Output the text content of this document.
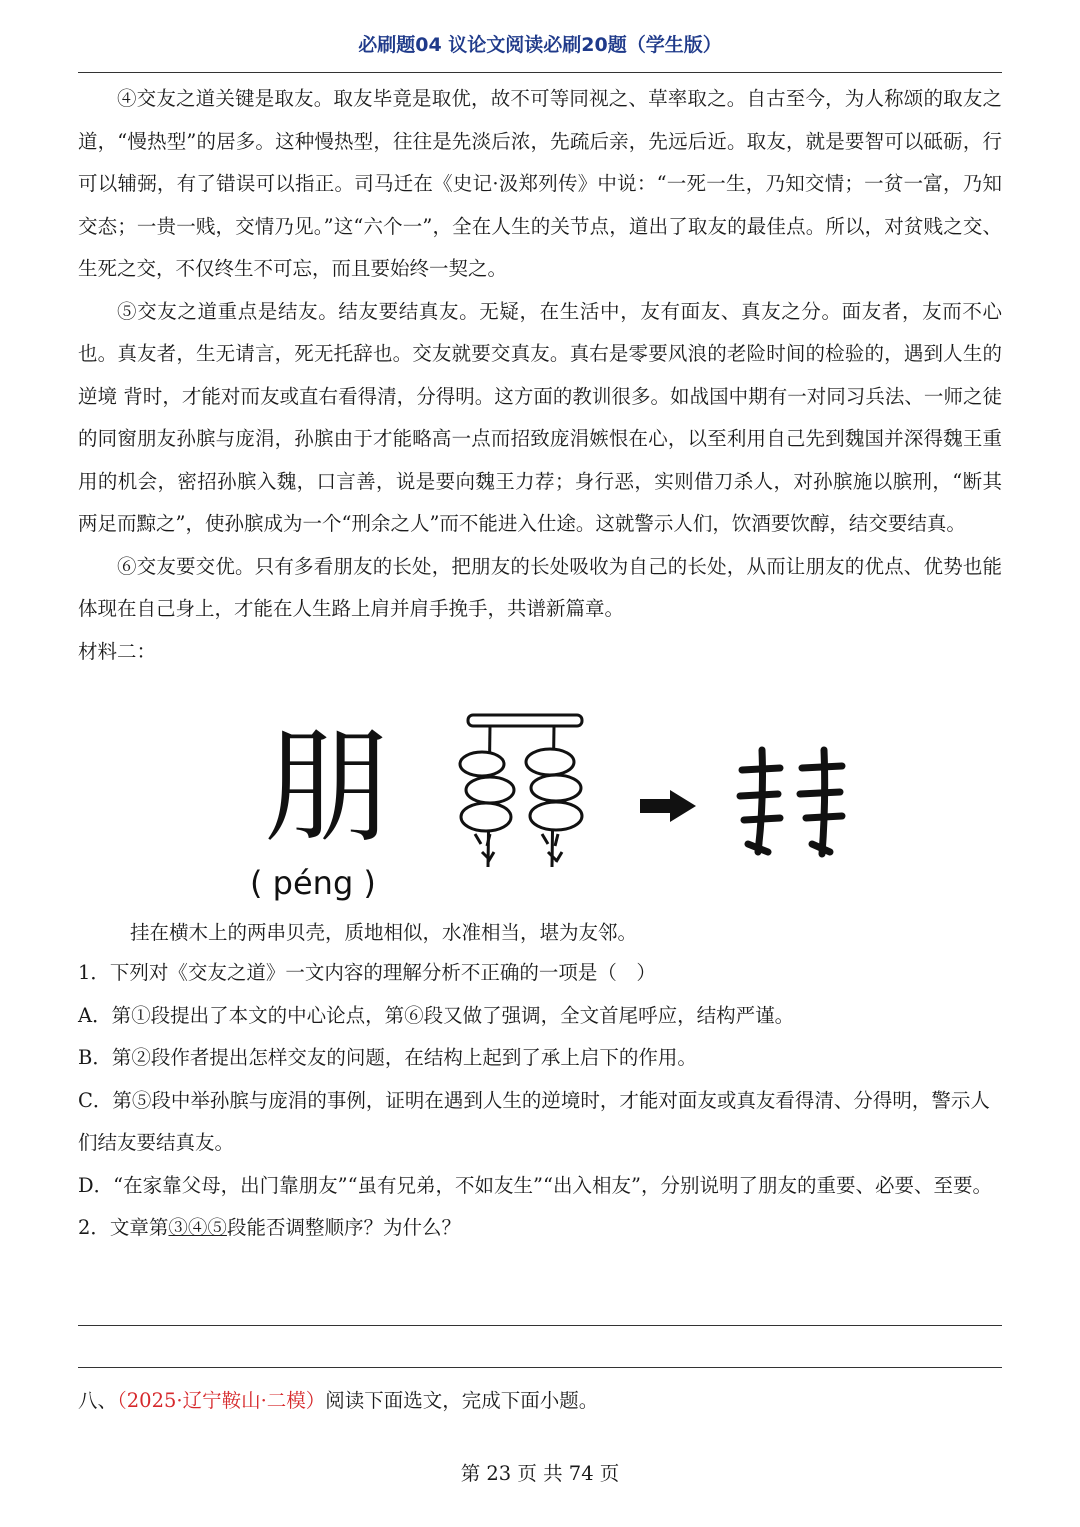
必刷题04 议论文阅读必刷20题（学生版）

④交友之道关键是取友。取友毕竟是取优，故不可等同视之、草率取之。自古至今，为人称颂的取友之道，“慢热型”的居多。这种慢热型，往往是先淡后浓，先疏后亲，先远后近。取友，就是要智可以砥砺，行可以辅弼，有了错误可以指正。司马迁在《史记·汲郑列传》中说：“一死一生，乃知交情；一贫一富，乃知交态；一贵一贱，交情乃见。”这“六个一”，全在人生的关节点，道出了取友的最佳点。所以，对贫贱之交、生死之交，不仅终生不可忘，而且要始终一契之。

⑤交友之道重点是结友。结友要结真友。无疑，在生活中，友有面友、真友之分。面友者，友而不心也。真友者，生无请言，死无托辞也。交友就要交真友。真右是零要风浪的老险时间的检验的，遇到人生的逆境 背时，才能对而友或直右看得清，分得明。这方面的教训很多。如战国中期有一对同习兵法、一师之徒的同窗朋友孙膑与庞涓，孙膑由于才能略高一点而招致庞涓嫉恨在心，以至利用自己先到魏国并深得魏王重用的机会，密招孙膑入魏，口言善，说是要向魏王力荐；身行恶，实则借刀杀人，对孙膑施以膑刑，“断其两足而黥之”，使孙膑成为一个“刑余之人”而不能进入仕途。这就警示人们，饮酒要饮醇，结交要结真。

⑥交友要交优。只有多看朋友的长处，把朋友的长处吸收为自己的长处，从而让朋友的优点、优势也能体现在自己身上，才能在人生路上肩并肩手挽手，共谱新篇章。

材料二：

朋
( péng )

挂在横木上的两串贝壳，质地相似，水准相当，堪为友邻。

1．下列对《交友之道》一文内容的理解分析不正确的一项是（　）

A．第①段提出了本文的中心论点，第⑥段又做了强调，全文首尾呼应，结构严谨。

B．第②段作者提出怎样交友的问题，在结构上起到了承上启下的作用。

C．第⑤段中举孙膑与庞涓的事例，证明在遇到人生的逆境时，才能对面友或真友看得清、分得明，警示人们结友要结真友。

D．“在家靠父母，出门靠朋友”“虽有兄弟，不如友生”“出入相友”，分别说明了朋友的重要、必要、至要。

2．文章第③④⑤段能否调整顺序？为什么？

八、（2025·辽宁鞍山·二模）阅读下面选文，完成下面小题。
第 23 页 共 74 页
